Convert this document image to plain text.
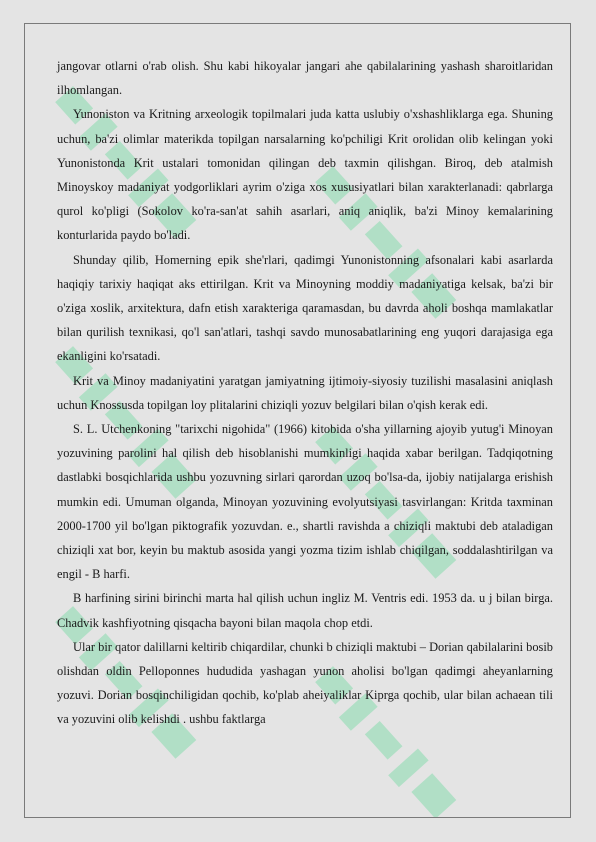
jangovar otlarni o'rab olish. Shu kabi hikoyalar jangari ahe qabilalarining yashash sharoitlaridan ilhomlangan.

Yunoniston va Kritning arxeologik topilmalari juda katta uslubiy o'xshashliklarga ega. Shuning uchun, ba'zi olimlar materikda topilgan narsalarning ko'pchiligi Krit orolidan olib kelingan yoki Yunonistonda Krit ustalari tomonidan qilingan deb taxmin qilishgan. Biroq, deb atalmish Minoyskoy madaniyat yodgorliklari ayrim o'ziga xos xususiyatlari bilan xarakterlanadi: qabrlarga qurol ko'pligi (Sokolov ko'ra-san'at sahih asarlari, aniq aniqlik, ba'zi Minoy kemalarining konturlarida paydo bo'ladi.

Shunday qilib, Homerning epik she'rlari, qadimgi Yunonistonning afsonalari kabi asarlarda haqiqiy tarixiy haqiqat aks ettirilgan. Krit va Minoyning moddiy madaniyatiga kelsak, ba'zi bir o'ziga xoslik, arxitektura, dafn etish xarakteriga qaramasdan, bu davrda aholi boshqa mamlakatlar bilan qurilish texnikasi, qo'l san'atlari, tashqi savdo munosabatlarining eng yuqori darajasiga ega ekanligini ko'rsatadi.

Krit va Minoy madaniyatini yaratgan jamiyatning ijtimoiy-siyosiy tuzilishi masalasini aniqlash uchun Knossusda topilgan loy plitalarini chiziqli yozuv belgilari bilan o'qish kerak edi.

S. L. Utchenkoning "tarixchi nigohida" (1966) kitobida o'sha yillarning ajoyib yutug'i Minoyan yozuvining parolini hal qilish deb hisoblanishi mumkinligi haqida xabar berilgan. Tadqiqotning dastlabki bosqichlarida ushbu yozuvning sirlari qarordan uzoq bo'lsa-da, ijobiy natijalarga erishish mumkin edi. Umuman olganda, Minoyan yozuvining evolyutsiyasi tasvirlangan: Kritda taxminan 2000-1700 yil bo'lgan piktografik yozuvdan. e., shartli ravishda a chiziqli maktubi deb ataladigan chiziqli xat bor, keyin bu maktub asosida yangi yozma tizim ishlab chiqilgan, soddalashtirilgan va engil - B harfi.

B harfining sirini birinchi marta hal qilish uchun ingliz M. Ventris edi. 1953 da. u j bilan birga. Chadvik kashfiyotning qisqacha bayoni bilan maqola chop etdi.

Ular bir qator dalillarni keltirib chiqardilar, chunki b chiziqli maktubi – Dorian qabilalarini bosib olishdan oldin Pelloponnes hududida yashagan yunon aholisi bo'lgan qadimgi aheyanlarning yozuvi. Dorian bosqinchiligidan qochib, ko'plab aheiyaliklar Kiprga qochib, ular bilan achaean tili va yozuvini olib kelishdi . ushbu faktlarga
